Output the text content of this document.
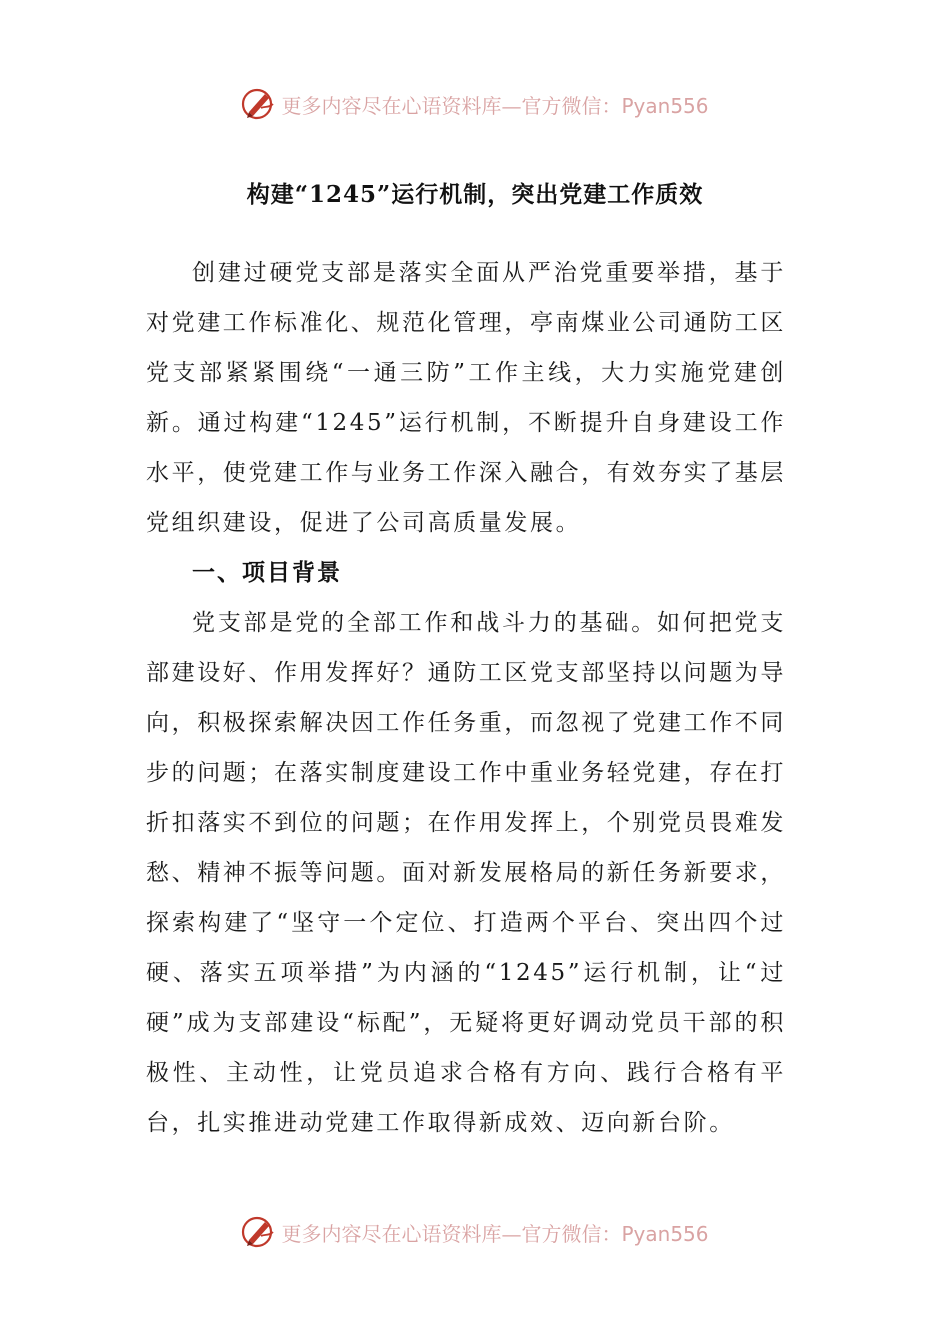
更多内容尽在心语资料库—官方微信：Pyan556
构建“1245”运行机制，突出党建工作质效

创建过硬党支部是落实全面从严治党重要举措，基于对党建工作标准化、规范化管理，亭南煤业公司通防工区党支部紧紧围绕“一通三防”工作主线，大力实施党建创新。通过构建“1245”运行机制，不断提升自身建设工作水平，使党建工作与业务工作深入融合，有效夯实了基层党组织建设，促进了公司高质量发展。

一、项目背景

党支部是党的全部工作和战斗力的基础。如何把党支部建设好、作用发挥好？通防工区党支部坚持以问题为导向，积极探索解决因工作任务重，而忽视了党建工作不同步的问题；在落实制度建设工作中重业务轻党建，存在打折扣落实不到位的问题；在作用发挥上，个别党员畏难发愁、精神不振等问题。面对新发展格局的新任务新要求，探索构建了“坚守一个定位、打造两个平台、突出四个过硬、落实五项举措”为内涵的“1245”运行机制，让“过硬”成为支部建设“标配”，无疑将更好调动党员干部的积极性、主动性，让党员追求合格有方向、践行合格有平台，扎实推进动党建工作取得新成效、迈向新台阶。

更多内容尽在心语资料库—官方微信：Pyan556
